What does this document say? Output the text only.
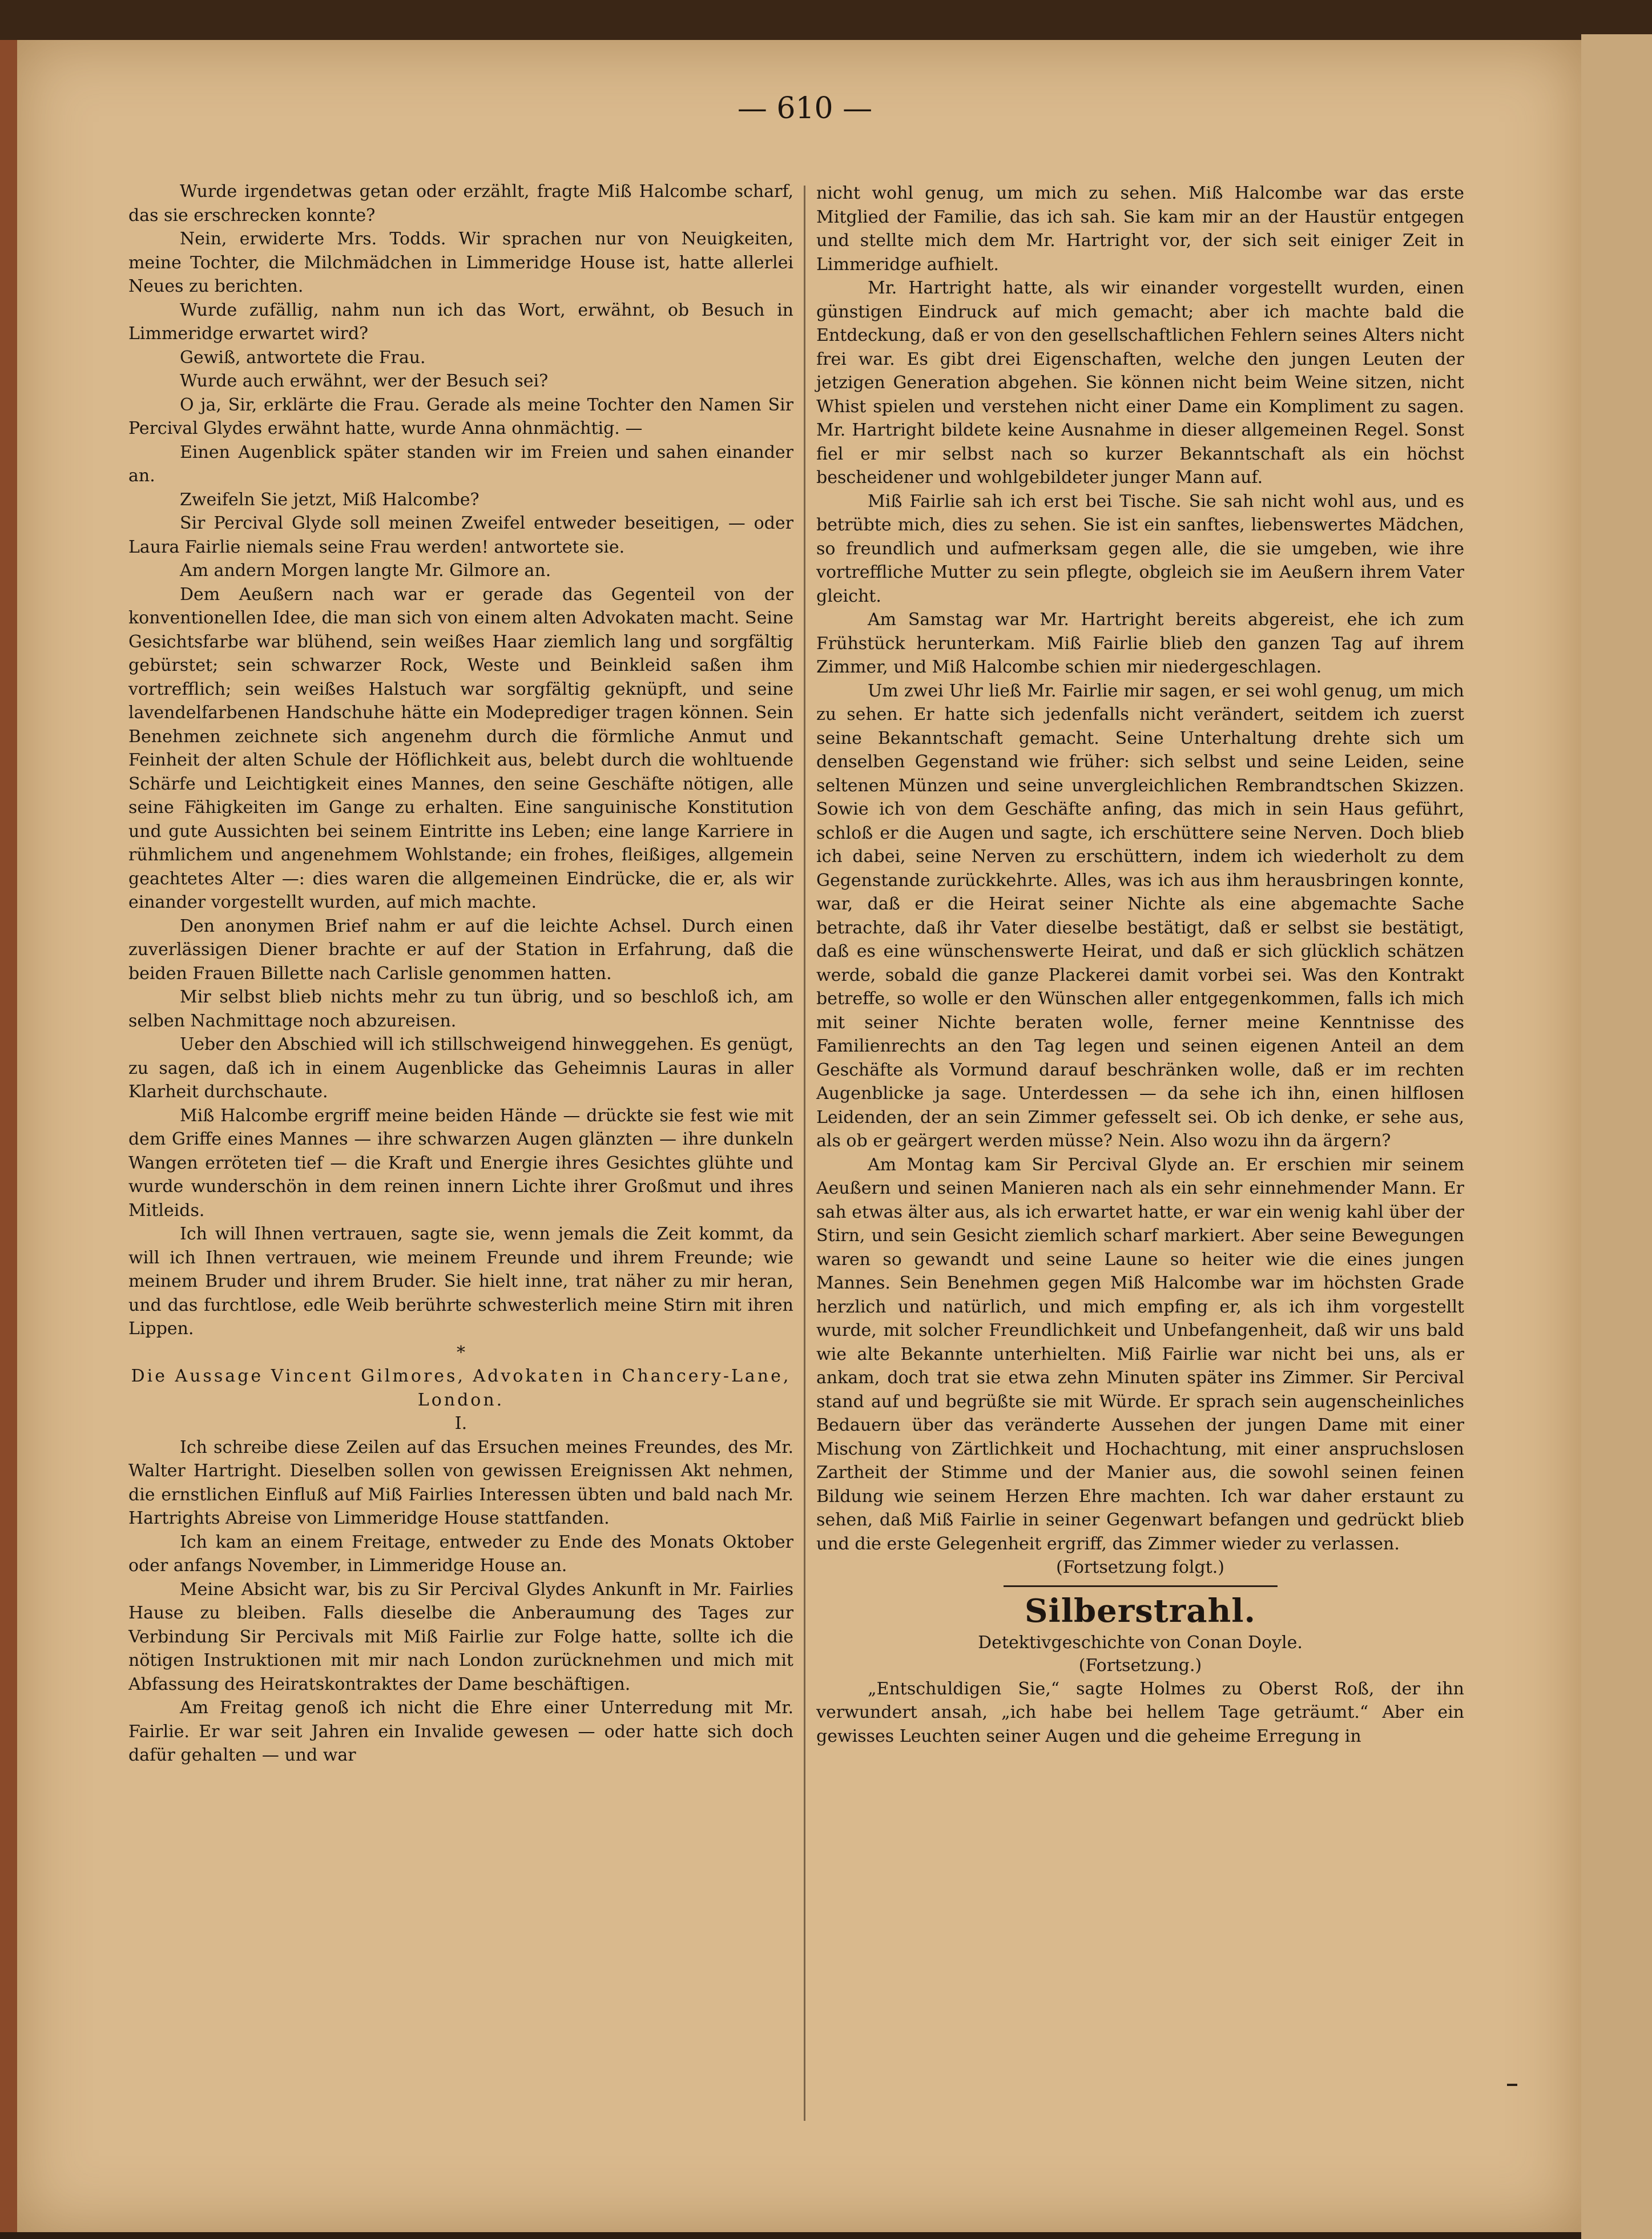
— 610 —

Wurde irgendetwas getan oder erzählt, fragte Miß Halcombe scharf, das sie erschrecken konnte?

Nein, erwiderte Mrs. Todds. Wir sprachen nur von Neuigkeiten, meine Tochter, die Milchmädchen in Limmeridge House ist, hatte allerlei Neues zu berichten.

Wurde zufällig, nahm nun ich das Wort, erwähnt, ob Besuch in Limmeridge erwartet wird?

Gewiß, antwortete die Frau.

Wurde auch erwähnt, wer der Besuch sei?

O ja, Sir, erklärte die Frau. Gerade als meine Tochter den Namen Sir Percival Glydes erwähnt hatte, wurde Anna ohnmächtig. —

Einen Augenblick später standen wir im Freien und sahen einander an.

Zweifeln Sie jetzt, Miß Halcombe?

Sir Percival Glyde soll meinen Zweifel entweder beseitigen, — oder Laura Fairlie niemals seine Frau werden! antwortete sie.

Am andern Morgen langte Mr. Gilmore an.

Dem Aeußern nach war er gerade das Gegenteil von der konventionellen Idee, die man sich von einem alten Advokaten macht. Seine Gesichtsfarbe war blühend, sein weißes Haar ziemlich lang und sorgfältig gebürstet; sein schwarzer Rock, Weste und Beinkleid saßen ihm vortrefflich; sein weißes Halstuch war sorgfältig geknüpft, und seine lavendelfarbenen Handschuhe hätte ein Modeprediger tragen können. Sein Benehmen zeichnete sich angenehm durch die förmliche Anmut und Feinheit der alten Schule der Höflichkeit aus, belebt durch die wohltuende Schärfe und Leichtigkeit eines Mannes, den seine Geschäfte nötigen, alle seine Fähigkeiten im Gange zu erhalten. Eine sanguinische Konstitution und gute Aussichten bei seinem Eintritte ins Leben; eine lange Karriere in rühmlichem und angenehmem Wohlstande; ein frohes, fleißiges, allgemein geachtetes Alter —: dies waren die allgemeinen Eindrücke, die er, als wir einander vorgestellt wurden, auf mich machte.

Den anonymen Brief nahm er auf die leichte Achsel. Durch einen zuverlässigen Diener brachte er auf der Station in Erfahrung, daß die beiden Frauen Billette nach Carlisle genommen hatten.

Mir selbst blieb nichts mehr zu tun übrig, und so beschloß ich, am selben Nachmittage noch abzureisen.

Ueber den Abschied will ich stillschweigend hinweggehen. Es genügt, zu sagen, daß ich in einem Augenblicke das Geheimnis Lauras in aller Klarheit durchschaute.

Miß Halcombe ergriff meine beiden Hände — drückte sie fest wie mit dem Griffe eines Mannes — ihre schwarzen Augen glänzten — ihre dunkeln Wangen erröteten tief — die Kraft und Energie ihres Gesichtes glühte und wurde wunderschön in dem reinen innern Lichte ihrer Großmut und ihres Mitleids.

Ich will Ihnen vertrauen, sagte sie, wenn jemals die Zeit kommt, da will ich Ihnen vertrauen, wie meinem Freunde und ihrem Freunde; wie meinem Bruder und ihrem Bruder. Sie hielt inne, trat näher zu mir heran, und das furchtlose, edle Weib berührte schwesterlich meine Stirn mit ihren Lippen.

*

Die Aussage Vincent Gilmores, Advokaten in Chancery-Lane, London.

I.

Ich schreibe diese Zeilen auf das Ersuchen meines Freundes, des Mr. Walter Hartright. Dieselben sollen von gewissen Ereignissen Akt nehmen, die ernstlichen Einfluß auf Miß Fairlies Interessen übten und bald nach Mr. Hartrights Abreise von Limmeridge House stattfanden.

Ich kam an einem Freitage, entweder zu Ende des Monats Oktober oder anfangs November, in Limmeridge House an.

Meine Absicht war, bis zu Sir Percival Glydes Ankunft in Mr. Fairlies Hause zu bleiben. Falls dieselbe die Anberaumung des Tages zur Verbindung Sir Percivals mit Miß Fairlie zur Folge hatte, sollte ich die nötigen Instruktionen mit mir nach London zurücknehmen und mich mit Abfassung des Heiratskontraktes der Dame beschäftigen.

Am Freitag genoß ich nicht die Ehre einer Unterredung mit Mr. Fairlie. Er war seit Jahren ein Invalide gewesen — oder hatte sich doch dafür gehalten — und war

nicht wohl genug, um mich zu sehen. Miß Halcombe war das erste Mitglied der Familie, das ich sah. Sie kam mir an der Haustür entgegen und stellte mich dem Mr. Hartright vor, der sich seit einiger Zeit in Limmeridge aufhielt.

Mr. Hartright hatte, als wir einander vorgestellt wurden, einen günstigen Eindruck auf mich gemacht; aber ich machte bald die Entdeckung, daß er von den gesellschaftlichen Fehlern seines Alters nicht frei war. Es gibt drei Eigenschaften, welche den jungen Leuten der jetzigen Generation abgehen. Sie können nicht beim Weine sitzen, nicht Whist spielen und verstehen nicht einer Dame ein Kompliment zu sagen. Mr. Hartright bildete keine Ausnahme in dieser allgemeinen Regel. Sonst fiel er mir selbst nach so kurzer Bekanntschaft als ein höchst bescheidener und wohlgebildeter junger Mann auf.

Miß Fairlie sah ich erst bei Tische. Sie sah nicht wohl aus, und es betrübte mich, dies zu sehen. Sie ist ein sanftes, liebenswertes Mädchen, so freundlich und aufmerksam gegen alle, die sie umgeben, wie ihre vortreffliche Mutter zu sein pflegte, obgleich sie im Aeußern ihrem Vater gleicht.

Am Samstag war Mr. Hartright bereits abgereist, ehe ich zum Frühstück herunterkam. Miß Fairlie blieb den ganzen Tag auf ihrem Zimmer, und Miß Halcombe schien mir niedergeschlagen.

Um zwei Uhr ließ Mr. Fairlie mir sagen, er sei wohl genug, um mich zu sehen. Er hatte sich jedenfalls nicht verändert, seitdem ich zuerst seine Bekanntschaft gemacht. Seine Unterhaltung drehte sich um denselben Gegenstand wie früher: sich selbst und seine Leiden, seine seltenen Münzen und seine unvergleichlichen Rembrandtschen Skizzen. Sowie ich von dem Geschäfte anfing, das mich in sein Haus geführt, schloß er die Augen und sagte, ich erschüttere seine Nerven. Doch blieb ich dabei, seine Nerven zu erschüttern, indem ich wiederholt zu dem Gegenstande zurückkehrte. Alles, was ich aus ihm herausbringen konnte, war, daß er die Heirat seiner Nichte als eine abgemachte Sache betrachte, daß ihr Vater dieselbe bestätigt, daß er selbst sie bestätigt, daß es eine wünschenswerte Heirat, und daß er sich glücklich schätzen werde, sobald die ganze Plackerei damit vorbei sei. Was den Kontrakt betreffe, so wolle er den Wünschen aller entgegenkommen, falls ich mich mit seiner Nichte beraten wolle, ferner meine Kenntnisse des Familienrechts an den Tag legen und seinen eigenen Anteil an dem Geschäfte als Vormund darauf beschränken wolle, daß er im rechten Augenblicke ja sage. Unterdessen — da sehe ich ihn, einen hilflosen Leidenden, der an sein Zimmer gefesselt sei. Ob ich denke, er sehe aus, als ob er geärgert werden müsse? Nein. Also wozu ihn da ärgern?

Am Montag kam Sir Percival Glyde an. Er erschien mir seinem Aeußern und seinen Manieren nach als ein sehr einnehmender Mann. Er sah etwas älter aus, als ich erwartet hatte, er war ein wenig kahl über der Stirn, und sein Gesicht ziemlich scharf markiert. Aber seine Bewegungen waren so gewandt und seine Laune so heiter wie die eines jungen Mannes. Sein Benehmen gegen Miß Halcombe war im höchsten Grade herzlich und natürlich, und mich empfing er, als ich ihm vorgestellt wurde, mit solcher Freundlichkeit und Unbefangenheit, daß wir uns bald wie alte Bekannte unterhielten. Miß Fairlie war nicht bei uns, als er ankam, doch trat sie etwa zehn Minuten später ins Zimmer. Sir Percival stand auf und begrüßte sie mit Würde. Er sprach sein augenscheinliches Bedauern über das veränderte Aussehen der jungen Dame mit einer Mischung von Zärtlichkeit und Hochachtung, mit einer anspruchslosen Zartheit der Stimme und der Manier aus, die sowohl seinen feinen Bildung wie seinem Herzen Ehre machten. Ich war daher erstaunt zu sehen, daß Miß Fairlie in seiner Gegenwart befangen und gedrückt blieb und die erste Gelegenheit ergriff, das Zimmer wieder zu verlassen.

(Fortsetzung folgt.)

Silberstrahl.

Detektivgeschichte von Conan Doyle.

(Fortsetzung.)

„Entschuldigen Sie,“ sagte Holmes zu Oberst Roß, der ihn verwundert ansah, „ich habe bei hellem Tage geträumt.“ Aber ein gewisses Leuchten seiner Augen und die geheime Erregung in
